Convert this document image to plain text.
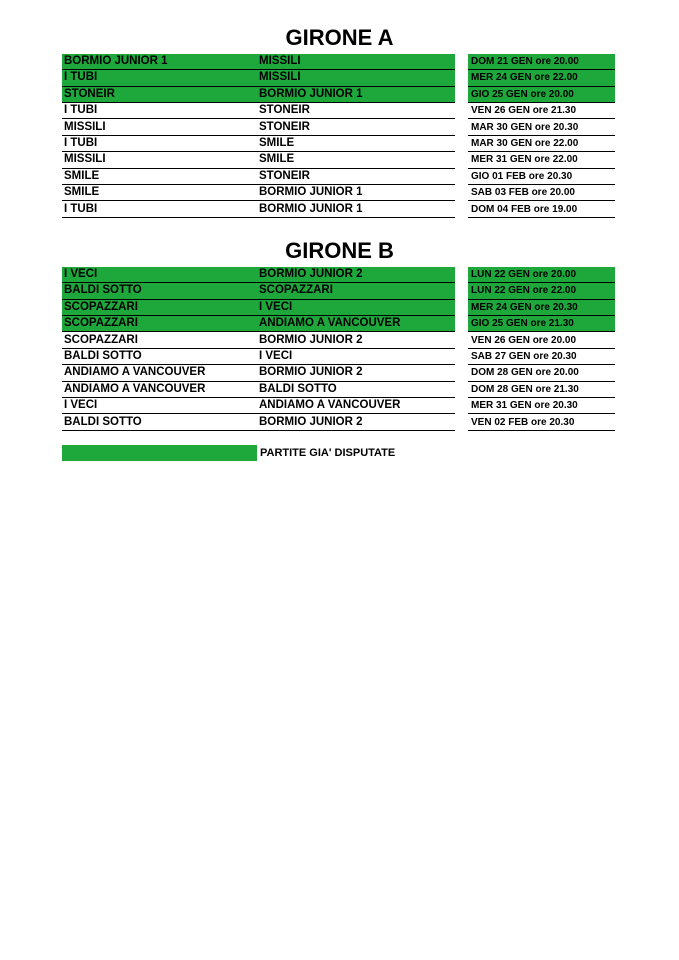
GIRONE A
BORMIO JUNIOR 1	MISSILI	DOM 21 GEN ore 20.00
I TUBI	MISSILI	MER 24 GEN ore 22.00
STONEIR	BORMIO JUNIOR 1	GIO 25 GEN ore 20.00
I TUBI	STONEIR	VEN 26 GEN ore 21.30
MISSILI	STONEIR	MAR 30 GEN ore 20.30
I TUBI	SMILE	MAR 30 GEN ore 22.00
MISSILI	SMILE	MER 31 GEN ore 22.00
SMILE	STONEIR	GIO 01 FEB ore 20.30
SMILE	BORMIO JUNIOR 1	SAB 03 FEB ore 20.00
I TUBI	BORMIO JUNIOR 1	DOM 04 FEB ore 19.00
GIRONE B
I VECI	BORMIO JUNIOR 2	LUN 22 GEN ore 20.00
BALDI SOTTO	SCOPAZZARI	LUN 22 GEN ore 22.00
SCOPAZZARI	I VECI	MER 24 GEN ore 20.30
SCOPAZZARI	ANDIAMO A VANCOUVER	GIO 25 GEN ore 21.30
SCOPAZZARI	BORMIO JUNIOR 2	VEN 26 GEN ore 20.00
BALDI SOTTO	I VECI	SAB 27 GEN ore 20.30
ANDIAMO A VANCOUVER	BORMIO JUNIOR 2	DOM 28 GEN ore 20.00
ANDIAMO A VANCOUVER	BALDI SOTTO	DOM 28 GEN ore 21.30
I VECI	ANDIAMO A VANCOUVER	MER 31 GEN ore 20.30
BALDI SOTTO	BORMIO JUNIOR 2	VEN 02 FEB ore 20.30
PARTITE GIA' DISPUTATE
